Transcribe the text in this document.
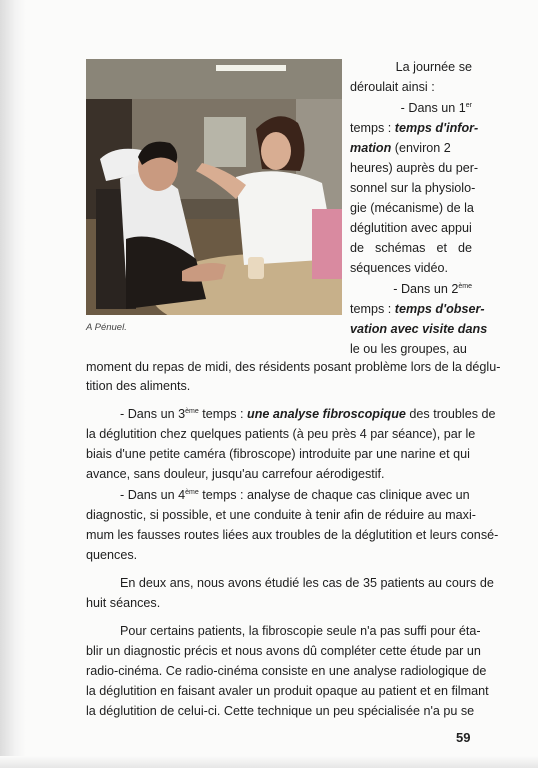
A Pénuel.
La journée se
déroulait ainsi :
- Dans un 1er
temps : temps d'infor-
mation (environ 2
heures) auprès du per-
sonnel sur la physiolo-
gie (mécanisme) de la
déglutition avec appui
de schémas et de
séquences vidéo.
- Dans un 2ème
temps : temps d'obser-
vation avec visite dans
le ou les groupes, au
moment du repas de midi, des résidents posant problème lors de la déglu-
tition des aliments.
- Dans un 3ème temps : une analyse fibroscopique des troubles de
la déglutition chez quelques patients (à peu près 4 par séance), par le
biais d'une petite caméra (fibroscope) introduite par une narine et qui
avance, sans douleur, jusqu'au carrefour aérodigestif.
- Dans un 4ème temps : analyse de chaque cas clinique avec un
diagnostic, si possible, et une conduite à tenir afin de réduire au maxi-
mum les fausses routes liées aux troubles de la déglutition et leurs consé-
quences.
En deux ans, nous avons étudié les cas de 35 patients au cours de
huit séances.
Pour certains patients, la fibroscopie seule n'a pas suffi pour éta-
blir un diagnostic précis et nous avons dû compléter cette étude par un
radio-cinéma. Ce radio-cinéma consiste en une analyse radiologique de
la déglutition en faisant avaler un produit opaque au patient et en filmant
la déglutition de celui-ci. Cette technique un peu spécialisée n'a pu se
59
